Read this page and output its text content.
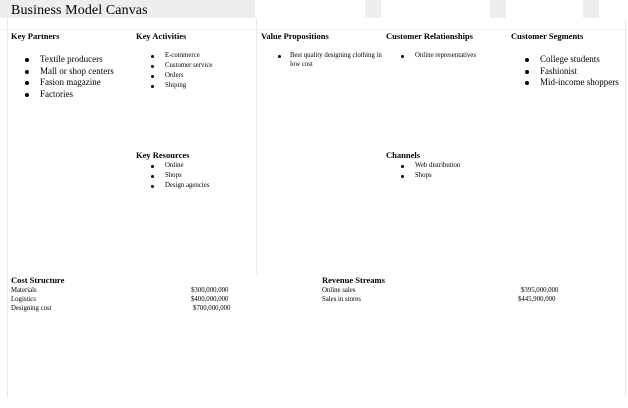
Business Model Canvas
Key Partners
Textile producers
Mall or shop centers
Fasion magazine
Factories
Key Activities
E-commerce
Customer service
Orders
Shiping
Value Propositions
Best quality designing clothing in low cost
Customer Relationships
Online representatives
Customer Segments
College students
Fashionist
Mid-income shoppers
Key Resources
Online
Shops
Design agencies
Channels
Web distribution
Shops
Cost Structure
Materials	$300,000,000
Logistics	$400,000,000
Designing cost	$700,000,000
Revenue Streams
Online sales	$395,000,000
Sales in stores	$445,900,000
